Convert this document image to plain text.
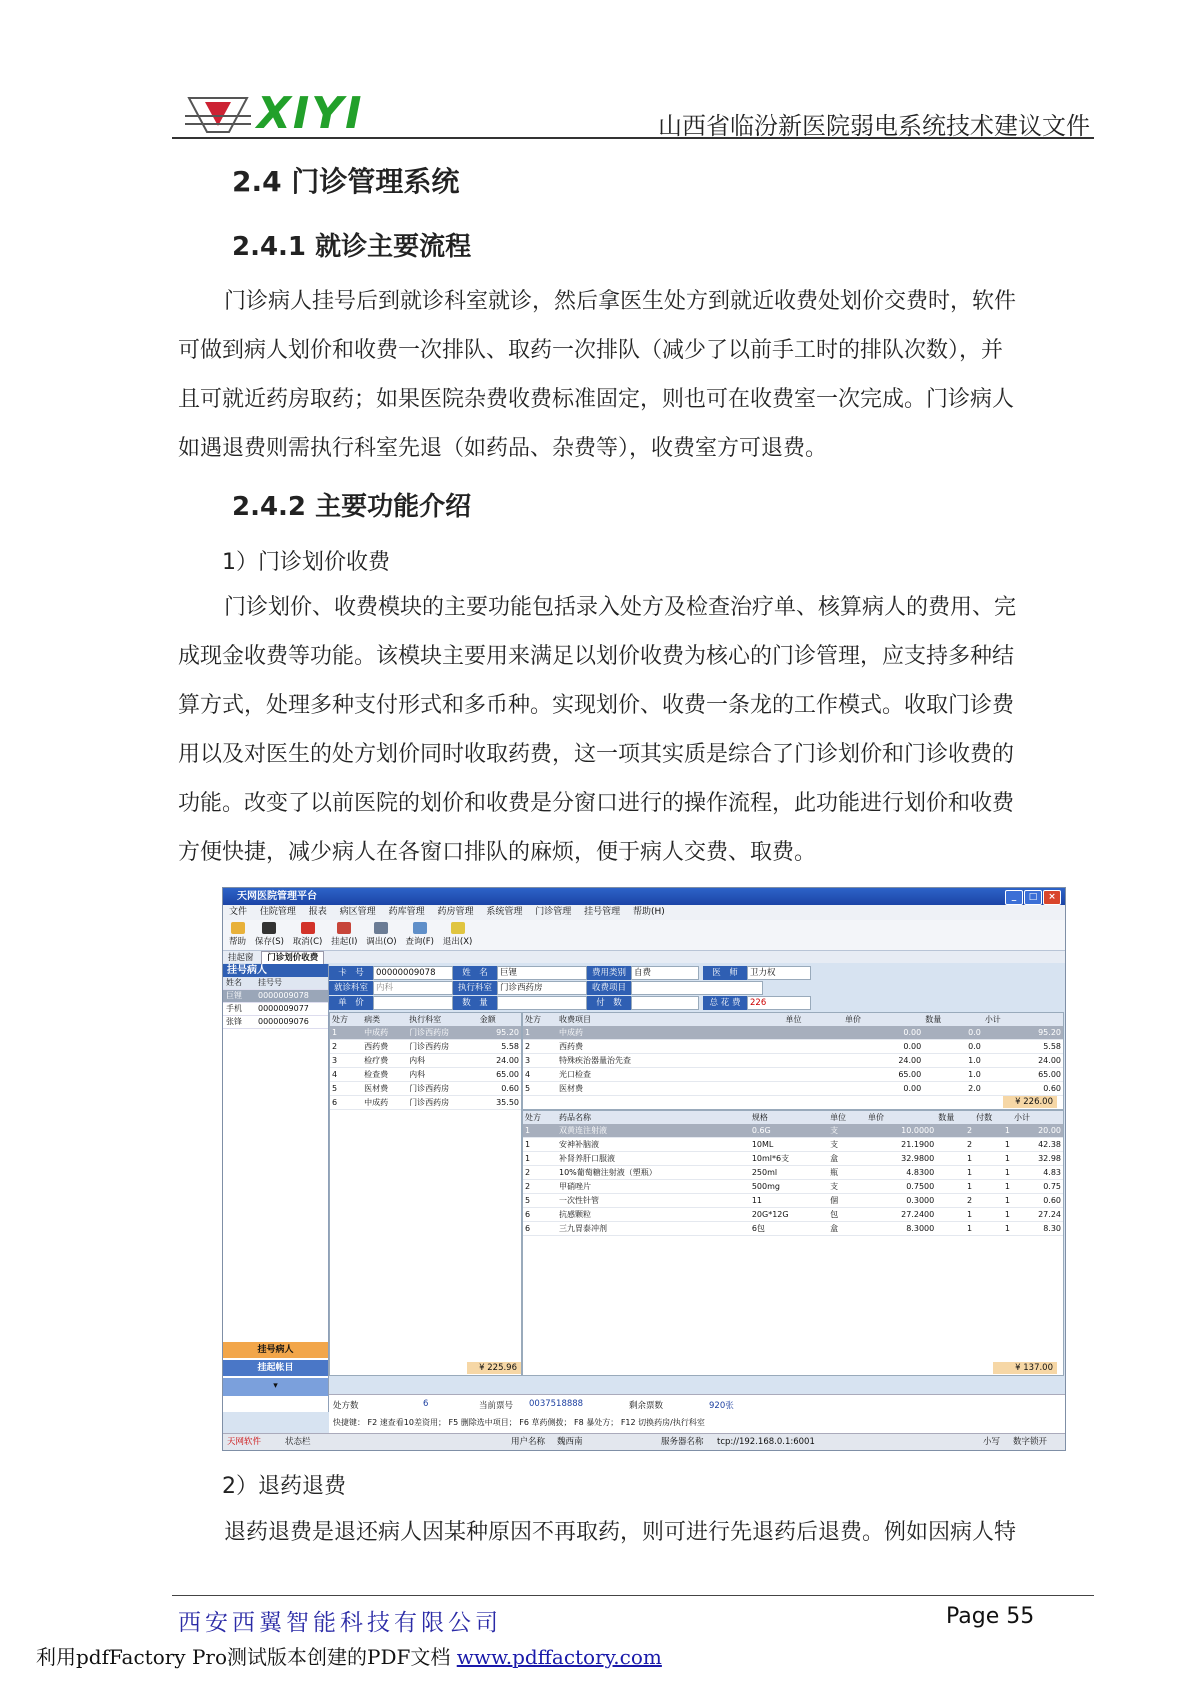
XIYI	山西省临汾新医院弱电系统技术建议文件
2.4 门诊管理系统
2.4.1 就诊主要流程
门诊病人挂号后到就诊科室就诊，然后拿医生处方到就近收费处划价交费时，软件
可做到病人划价和收费一次排队、取药一次排队（减少了以前手工时的排队次数），并
且可就近药房取药；如果医院杂费收费标准固定，则也可在收费室一次完成。门诊病人
如遇退费则需执行科室先退（如药品、杂费等），收费室方可退费。
2.4.2 主要功能介绍
1）门诊划价收费
门诊划价、收费模块的主要功能包括录入处方及检查治疗单、核算病人的费用、完
成现金收费等功能。该模块主要用来满足以划价收费为核心的门诊管理，应支持多种结
算方式，处理多种支付形式和多币种。实现划价、收费一条龙的工作模式。收取门诊费
用以及对医生的处方划价同时收取药费，这一项其实质是综合了门诊划价和门诊收费的
功能。改变了以前医院的划价和收费是分窗口进行的操作流程，此功能进行划价和收费
方便快捷，减少病人在各窗口排队的麻烦，便于病人交费、取费。
天网医院管理平台	_	□	×
文件 住院管理 报表 病区管理 药库管理 药房管理 系统管理 门诊管理 挂号管理 帮助(H)
帮助 保存(S) 取消(C) 挂起(I) 调出(O) 查询(F) 退出(X)
挂起窗 门诊划价收费
挂号病人
姓名	挂号号
巨锂	0000009078
手机	0000009077
张锋	0000009076
挂号病人
挂起帐目
▾
卡　号	00000009078	姓　名	巨锂	费用类别 自费	医　师	卫力权
就诊科室 内科	执行科室 门诊西药房	收费项目
单　价	数　量	付　数	总 花 费	226
处方	病类	执行科室	金额
1	中成药	门诊西药房	95.20
2	西药费	门诊西药房	5.58
3	检疗费	内科	24.00
4	检查费	内科	65.00
5	医材费	门诊西药房	0.60
6	中成药	门诊西药房	35.50
¥ 225.96
处方	收费项目	单位	单价	数量	小计
1	中成药		0.00	0.0	95.20
2	西药费		0.00	0.0	5.58
3	特殊疾治器量治先查		24.00	1.0	24.00
4	光口检查		65.00	1.0	65.00
5	医材费		0.00	2.0	0.60
¥ 226.00
处方	药品名称	规格	单位	单价	数量	付数	小计
1	双黄连注射液	0.6G	支	10.0000	2	1	20.00
1	安神补脑液	10ML	支	21.1900	2	1	42.38
1	补肾养肝口服液	10ml*6支	盒	32.9800	1	1	32.98
2	10%葡萄糖注射液（塑瓶）	250ml	瓶	4.8300	1	1	4.83
2	甲硝唑片	500mg	支	0.7500	1	1	0.75
5	一次性针管	11	個	0.3000	2	1	0.60
6	抗感颗粒	20G*12G	包	27.2400	1	1	27.24
6	三九胃泰冲剂	6包	盒	8.3000	1	1	8.30
¥ 137.00
处方数	6	当前票号 0037518888	剩余票数	920张
快捷键： F2 速查看10差资用； F5 删除选中项目； F6 草药侧拨； F8 暴处方； F12 切换药房/执行科室
天网软件	状态栏	用户名称 魏西南	服务器名称 tcp://192.168.0.1:6001	小写 数字锁开
2）退药退费
退药退费是退还病人因某种原因不再取药，则可进行先退药后退费。例如因病人特
西安西翼智能科技有限公司	Page 55
利用pdfFactory Pro测试版本创建的PDF文档 www.pdffactory.com
